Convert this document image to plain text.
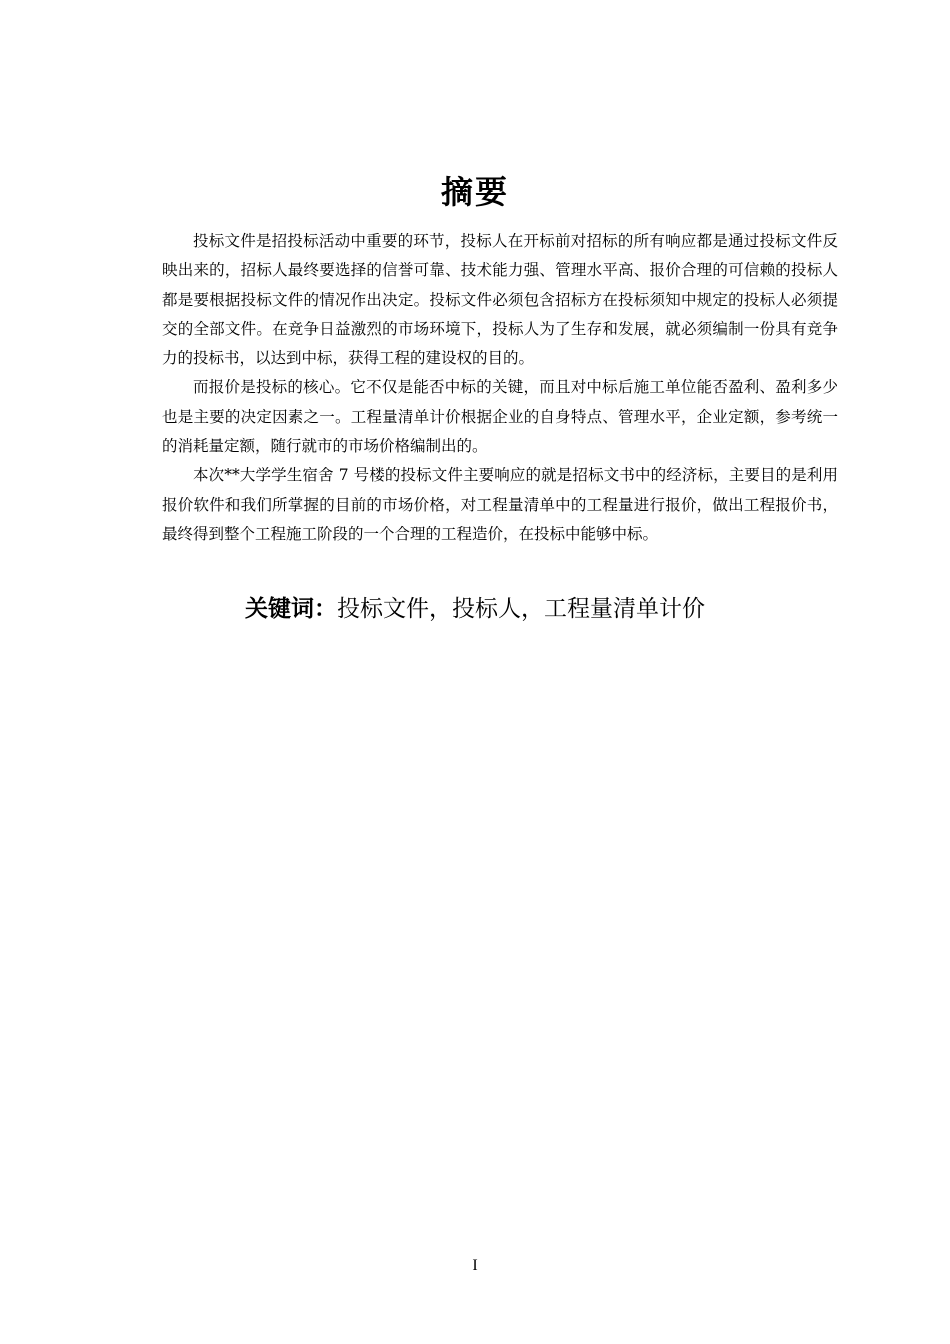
摘要

投标文件是招投标活动中重要的环节，投标人在开标前对招标的所有响应都是通过投标文件反映出来的，招标人最终要选择的信誉可靠、技术能力强、管理水平高、报价合理的可信赖的投标人都是要根据投标文件的情况作出决定。投标文件必须包含招标方在投标须知中规定的投标人必须提交的全部文件。在竞争日益激烈的市场环境下，投标人为了生存和发展，就必须编制一份具有竞争力的投标书，以达到中标，获得工程的建设权的目的。

而报价是投标的核心。它不仅是能否中标的关键，而且对中标后施工单位能否盈利、盈利多少也是主要的决定因素之一。工程量清单计价根据企业的自身特点、管理水平，企业定额，参考统一的消耗量定额，随行就市的市场价格编制出的。

本次**大学学生宿舍 7 号楼的投标文件主要响应的就是招标文书中的经济标，主要目的是利用报价软件和我们所掌握的目前的市场价格，对工程量清单中的工程量进行报价，做出工程报价书，最终得到整个工程施工阶段的一个合理的工程造价，在投标中能够中标。

关键词：投标文件，投标人，工程量清单计价

I
